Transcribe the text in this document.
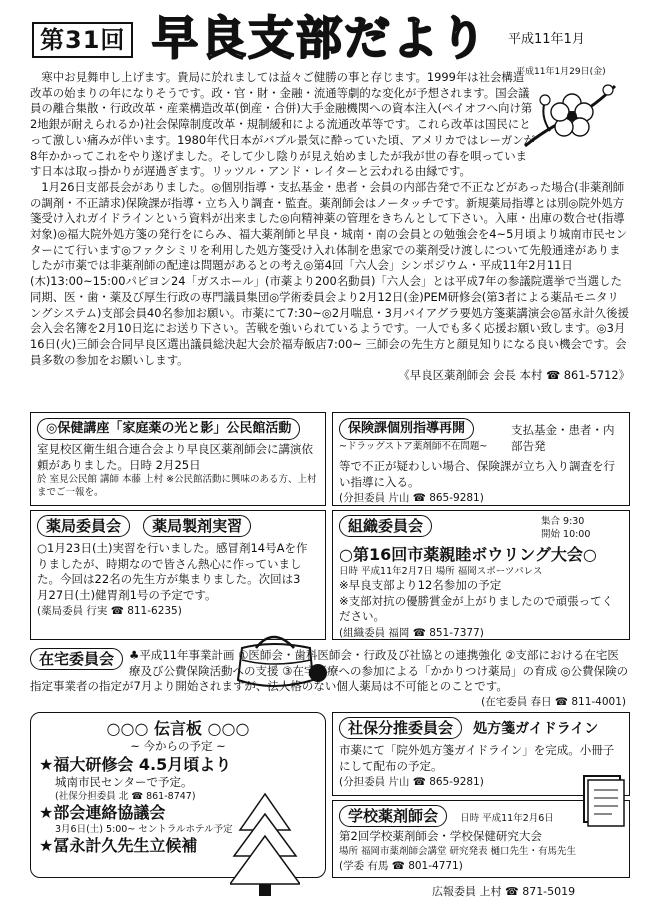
第31回 早良支部だより 平成11年1月
平成11年1月29日(金)

寒中お見舞申し上げます。貴局に於れましては益々ご健勝の事と存じます。1999年は社会構造改革の始まりの年になりそうです。政・官・財・金融・流通等劇的な変化が予想されます。国会議員の離合集散・行政改革・産業構造改革(倒産・合併)大手金融機関への資本注入(ペイオフへ向け第2地銀が耐えられるか)社会保障制度改革・規制緩和による流通改革等です。これら改革は国民にとって激しい痛みが伴います。1980年代日本がバブル景気に酔っていた頃、アメリカではレーガンが8年かかってこれをやり遂げました。そして少し陰りが見え始めましたが我が世の春を唄っています日本は取っ掛かりが遅過ぎます。リッツル・アンド・レイターと云われる由縁です。

1月26日支部長会がありました。◎個別指導・支払基金・患者・会員の内部告発で不正などがあった場合(非薬剤師の調剤・不正請求)保険課が指導・立ち入り調査・監査。薬剤師会はノータッチです。新規薬局指導とは別◎院外処方箋受け入れガイドラインという資料が出来ました◎向精神薬の管理をきちんとして下さい。入庫・出庫の数合せ(指導対象)◎福大院外処方箋の発行をにらみ、福大薬剤師と早良・城南・南の会員との勉強会を4~5月頃より城南市民センターにて行います◎ファクシミリを利用した処方箋受け入れ体制を患家での薬剤受け渡しについて先般通達がありましたが市薬では非薬剤師の配達は問題があるとの考え◎第4回「六人会」シンポジウム・平成11年2月11日(木)13:00~15:00パピヨン24「ガスホール」(市薬より200名動員)「六人会」とは平成7年の参議院選挙で当選した同期、医・歯・薬及び厚生行政の専門議員集団◎学術委員会より2月12日(金)PEM研修会(第3者による薬品モニタリングシステム)支部会員40名参加お願い。市薬にて7:30~◎2月喘息・3月バイアグラ要処方箋薬講演会◎冨永計久後援会入会名簿を2月10日迄にお送り下さい。苦戦を強いられているようです。一人でも多く応援お願い致します。◎3月16日(火)三師会合同早良区選出議員総決起大会於福寿飯店7:00~ 三師会の先生方と顔見知りになる良い機会です。会員多数の参加をお願いします。

《早良区薬剤師会 会長 本村 ☎ 861-5712》

◎保健講座「家庭薬の光と影」公民館活動
室見校区衛生組合連合会より早良区薬剤師会に講演依頼がありました。日時 2月25日
於 室見公民館 講師 本藤 上村 ※公民館活動に興味のある方、上村までご一報を。
保険課個別指導再開
~ドラッグストア薬剤師不在問題~
支払基金・患者・内部告発
等で不正が疑わしい場合、保険課が立ち入り調査を行い指導に入る。
(分担委員 片山 ☎ 865-9281)
薬局委員会 薬局製剤実習
○1月23日(土)実習を行いました。感冒剤14号Aを作りましたが、時期なので皆さん熱心に作っていました。今回は22名の先生方が集まりました。次回は3月27日(土)健胃剤1号の予定です。
(薬局委員 行実 ☎ 811-6235)
組織委員会	集合 9:30
開始 10:00
○第16回市薬親睦ボウリング大会○
日時 平成11年2月7日 場所 福岡スポーツパレス
※早良支部より12名参加の予定
※支部対抗の優勝賞金が上がりましたので頑張ってください。
(組織委員 福岡 ☎ 851-7377)
在宅委員会	♣平成11年事業計画 ①医師会・歯科医師会・行政及び社協との連携強化 ②支部における在宅医療及び公費保険活動への支援 ③在宅医療への参加による「かかりつけ薬局」の育成 ◎公費保険の指定事業者の指定が7月より開始されますが、法人格のない個人薬局は不可能とのことです。
(在宅委員 春日 ☎ 811-4001)
○○○ 伝言板 ○○○
~ 今からの予定 ~
★福大研修会 4.5月頃より
城南市民センターで予定。
(社保分担委員 北 ☎ 861-8747)
★部会連絡協議会
3月6日(土) 5:00~ セントラルホテル予定
★冨永計久先生立候補
社保分推委員会 処方箋ガイドライン
市薬にて「院外処方箋ガイドライン」を完成。小冊子にして配布の予定。
(分担委員 片山 ☎ 865-9281)
学校薬剤師会 日時 平成11年2月6日
第2回学校薬剤師会・学校保健研究大会
場所 福岡市薬剤師会講堂 研究発表 樋口先生・有馬先生
(学委 有馬 ☎ 801-4771)
広報委員 上村 ☎ 871-5019
